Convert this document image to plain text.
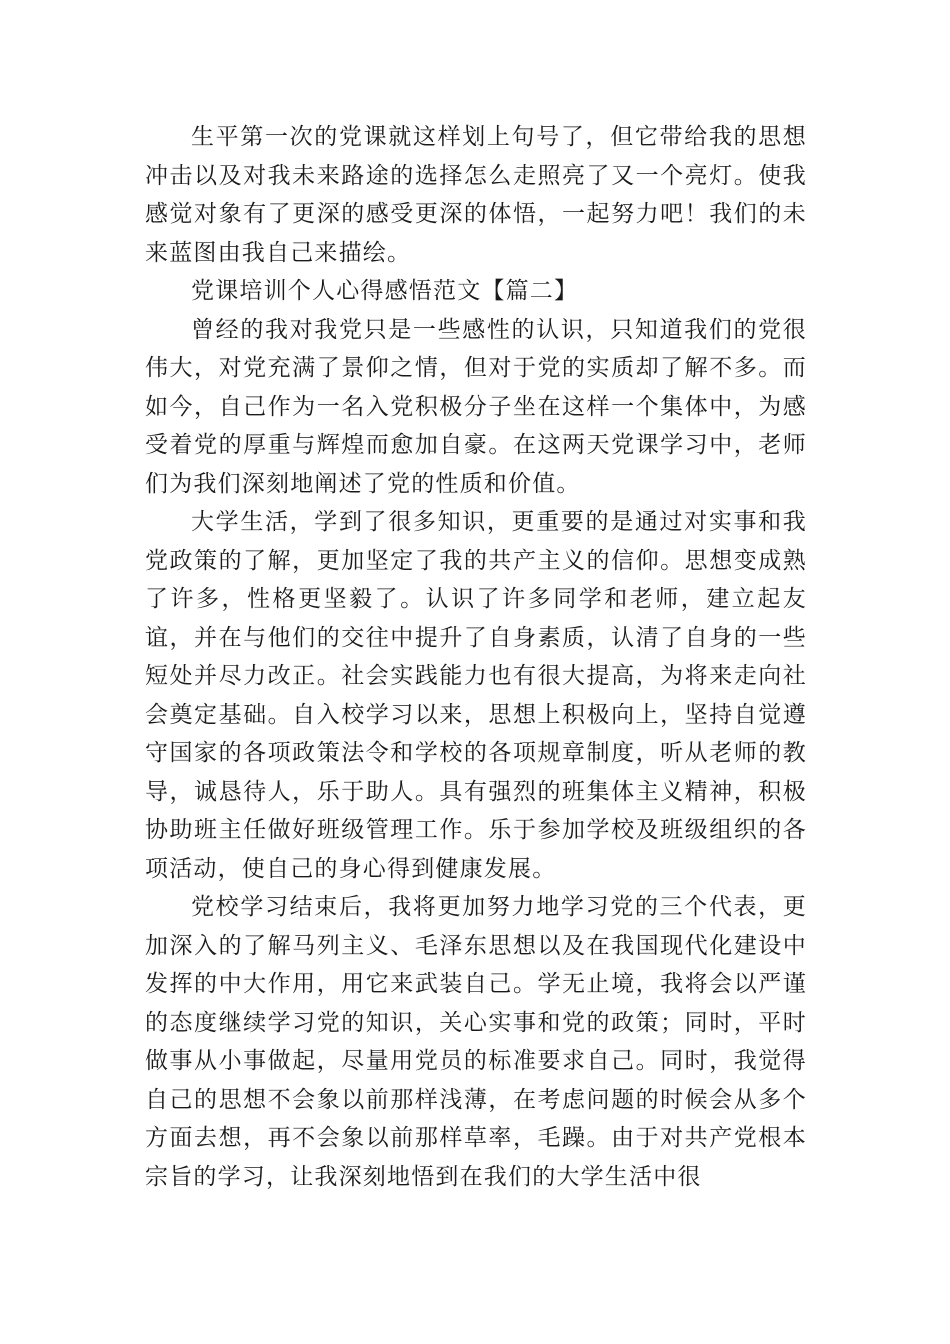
生平第一次的党课就这样划上句号了，但它带给我的思想冲击以及对我未来路途的选择怎么走照亮了又一个亮灯。使我感觉对象有了更深的感受更深的体悟，一起努力吧！我们的未来蓝图由我自己来描绘。

党课培训个人心得感悟范文【篇二】

曾经的我对我党只是一些感性的认识，只知道我们的党很伟大，对党充满了景仰之情，但对于党的实质却了解不多。而如今，自己作为一名入党积极分子坐在这样一个集体中，为感受着党的厚重与辉煌而愈加自豪。在这两天党课学习中，老师们为我们深刻地阐述了党的性质和价值。

大学生活，学到了很多知识，更重要的是通过对实事和我党政策的了解，更加坚定了我的共产主义的信仰。思想变成熟了许多，性格更坚毅了。认识了许多同学和老师，建立起友谊，并在与他们的交往中提升了自身素质，认清了自身的一些短处并尽力改正。社会实践能力也有很大提高，为将来走向社会奠定基础。自入校学习以来，思想上积极向上，坚持自觉遵守国家的各项政策法令和学校的各项规章制度，听从老师的教导，诚恳待人，乐于助人。具有强烈的班集体主义精神，积极协助班主任做好班级管理工作。乐于参加学校及班级组织的各项活动，使自己的身心得到健康发展。

党校学习结束后，我将更加努力地学习党的三个代表，更加深入的了解马列主义、毛泽东思想以及在我国现代化建设中发挥的中大作用，用它来武装自己。学无止境，我将会以严谨的态度继续学习党的知识，关心实事和党的政策；同时，平时做事从小事做起，尽量用党员的标准要求自己。同时，我觉得自己的思想不会象以前那样浅薄，在考虑问题的时候会从多个方面去想，再不会象以前那样草率，毛躁。由于对共产党根本宗旨的学习，让我深刻地悟到在我们的大学生活中很
